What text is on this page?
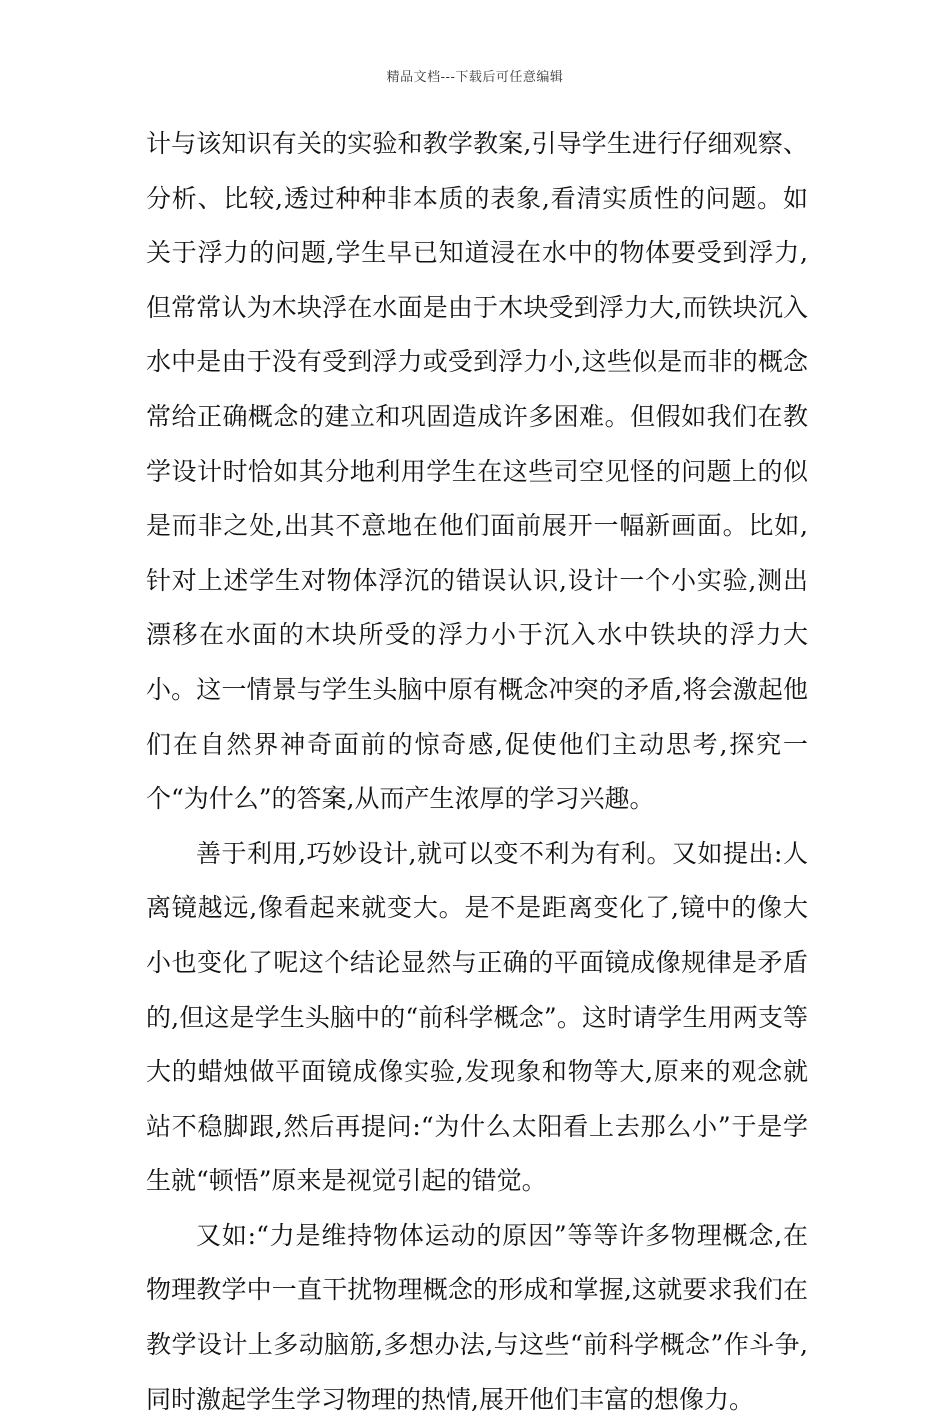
精品文档---下载后可任意编辑

计与该知识有关的实验和教学教案,引导学生进行仔细观察、分析、比较,透过种种非本质的表象,看清实质性的问题。如关于浮力的问题,学生早已知道浸在水中的物体要受到浮力,但常常认为木块浮在水面是由于木块受到浮力大,而铁块沉入水中是由于没有受到浮力或受到浮力小,这些似是而非的概念常给正确概念的建立和巩固造成许多困难。但假如我们在教学设计时恰如其分地利用学生在这些司空见怪的问题上的似是而非之处,出其不意地在他们面前展开一幅新画面。比如,针对上述学生对物体浮沉的错误认识,设计一个小实验,测出漂移在水面的木块所受的浮力小于沉入水中铁块的浮力大小。这一情景与学生头脑中原有概念冲突的矛盾,将会激起他们在自然界神奇面前的惊奇感,促使他们主动思考,探究一个“为什么”的答案,从而产生浓厚的学习兴趣。

善于利用,巧妙设计,就可以变不利为有利。又如提出:人离镜越远,像看起来就变大。是不是距离变化了,镜中的像大小也变化了呢这个结论显然与正确的平面镜成像规律是矛盾的,但这是学生头脑中的“前科学概念”。这时请学生用两支等大的蜡烛做平面镜成像实验,发现象和物等大,原来的观念就站不稳脚跟,然后再提问:“为什么太阳看上去那么小”于是学生就“顿悟”原来是视觉引起的错觉。

又如:“力是维持物体运动的原因”等等许多物理概念,在物理教学中一直干扰物理概念的形成和掌握,这就要求我们在教学设计上多动脑筋,多想办法,与这些“前科学概念”作斗争,同时激起学生学习物理的热情,展开他们丰富的想像力。
